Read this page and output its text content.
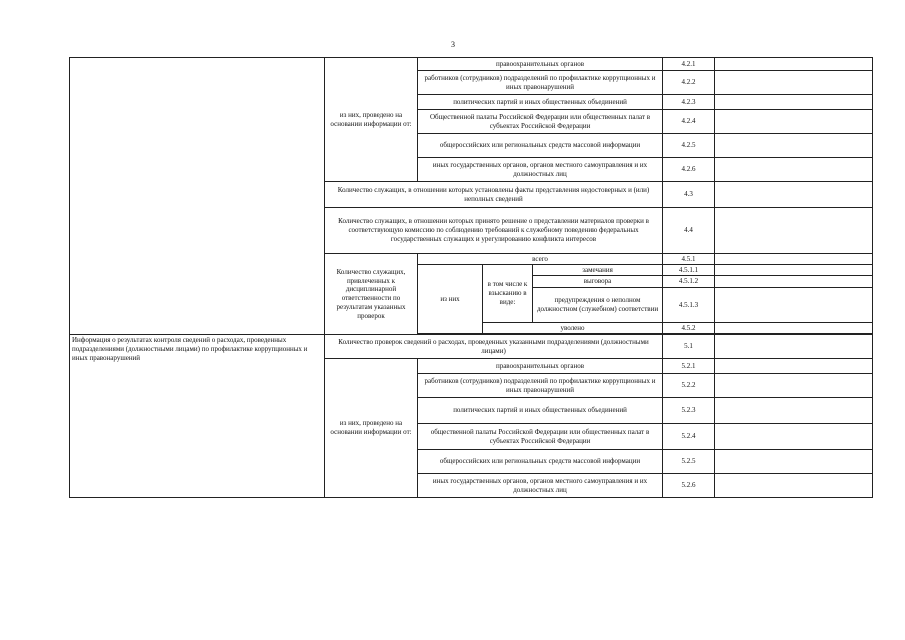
3
	из них, проведено на основании информации от:	правоохранительных органов			4.2.1	
		работников (сотрудников) подразделений по профилактике коррупционных и иных правонарушений			4.2.2	
		политических партий и иных общественных объединений			4.2.3	
		Общественной палаты Российской Федерации или общественных палат в субъектах Российской Федерации			4.2.4	
		общероссийских или региональных средств массовой информации			4.2.5	
		иных государственных органов, органов местного самоуправления и их должностных лиц			4.2.6	
	Количество служащих, в отношении которых установлены факты представления недостоверных и (или) неполных сведений				4.3	
	Количество служащих, в отношении которых принято решение о представлении материалов проверки в соответствующую комиссию по соблюдению требований к служебному поведению федеральных государственных служащих и урегулированию конфликта интересов				4.4	
	Количество служащих, привлеченных к дисциплинарной ответственности по результатам указанных проверок	всего			4.5.1	
		из них	в том числе к взысканию в виде:	замечания	4.5.1.1	
				выговора	4.5.1.2	
				предупреждения о неполном должностном (служебном) соответствии	4.5.1.3	
			уволено		4.5.2	

Информация о результатах контроля сведений о расходах, проведенных подразделениями (должностными лицами) по профилактике коррупционных и иных правонарушений	Количество проверок сведений о расходах, проведенных указанными подразделениями (должностными лицами)				5.1	
	из них, проведено на основании информации от:	правоохранительных органов			5.2.1	
		работников (сотрудников) подразделений по профилактике коррупционных и иных правонарушений			5.2.2	
		политических партий и иных общественных объединений			5.2.3	
		общественной палаты Российской Федерации или общественных палат в субъектах Российской Федерации			5.2.4	
		общероссийских или региональных средств массовой информации			5.2.5	
		иных государственных органов, органов местного самоуправления и их должностных лиц			5.2.6	
